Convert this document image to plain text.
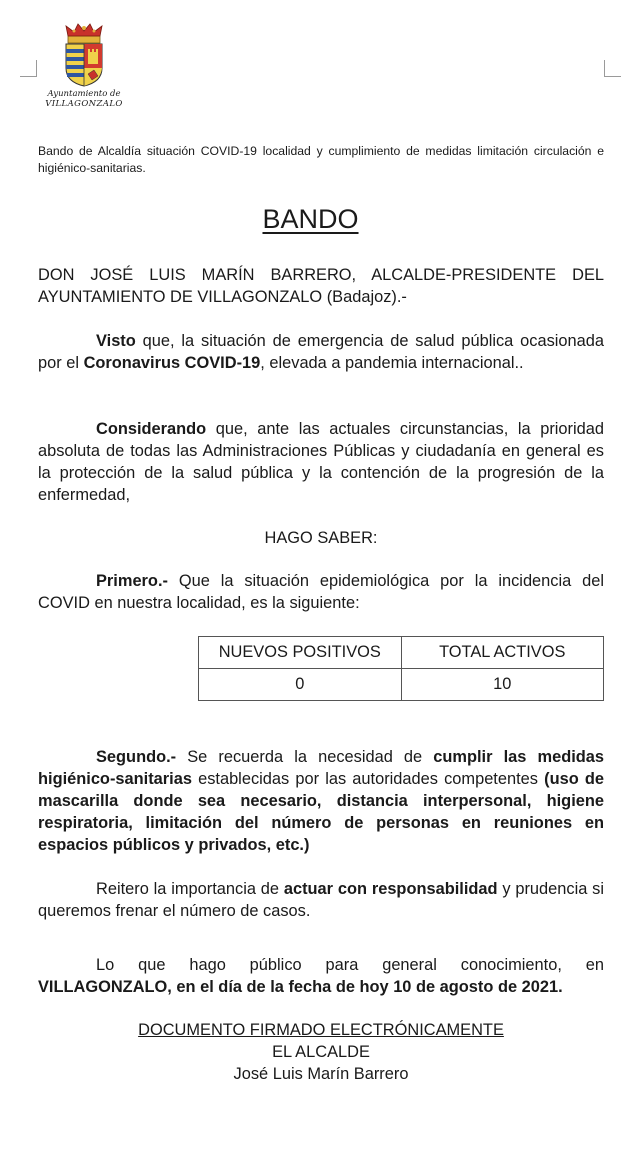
Ayuntamiento de
VILLAGONZALO
Bando de Alcaldía situación COVID-19 localidad y cumplimiento de medidas limitación circulación e higiénico-sanitarias.
BANDO
DON JOSÉ LUIS MARÍN BARRERO, ALCALDE-PRESIDENTE DEL AYUNTAMIENTO DE VILLAGONZALO (Badajoz).-
Visto que, la situación de emergencia de salud pública ocasionada por el Coronavirus COVID-19, elevada a pandemia internacional..
Considerando que, ante las actuales circunstancias, la prioridad absoluta de todas las Administraciones Públicas y ciudadanía en general es la protección de la salud pública y la contención de la progresión de la enfermedad,
HAGO SABER:
Primero.- Que la situación epidemiológica por la incidencia del COVID en nuestra localidad, es la siguiente:
NUEVOS POSITIVOS	TOTAL ACTIVOS
0	10
Segundo.- Se recuerda la necesidad de cumplir las medidas higiénico-sanitarias establecidas por las autoridades competentes (uso de mascarilla donde sea necesario, distancia interpersonal, higiene respiratoria, limitación del número de personas en reuniones en espacios públicos y privados, etc.)
Reitero la importancia de actuar con responsabilidad y prudencia si queremos frenar el número de casos.
Lo que hago público para general conocimiento, en VILLAGONZALO, en el día de la fecha de hoy 10 de agosto de 2021.
DOCUMENTO FIRMADO ELECTRÓNICAMENTE
EL ALCALDE
José Luis Marín Barrero
